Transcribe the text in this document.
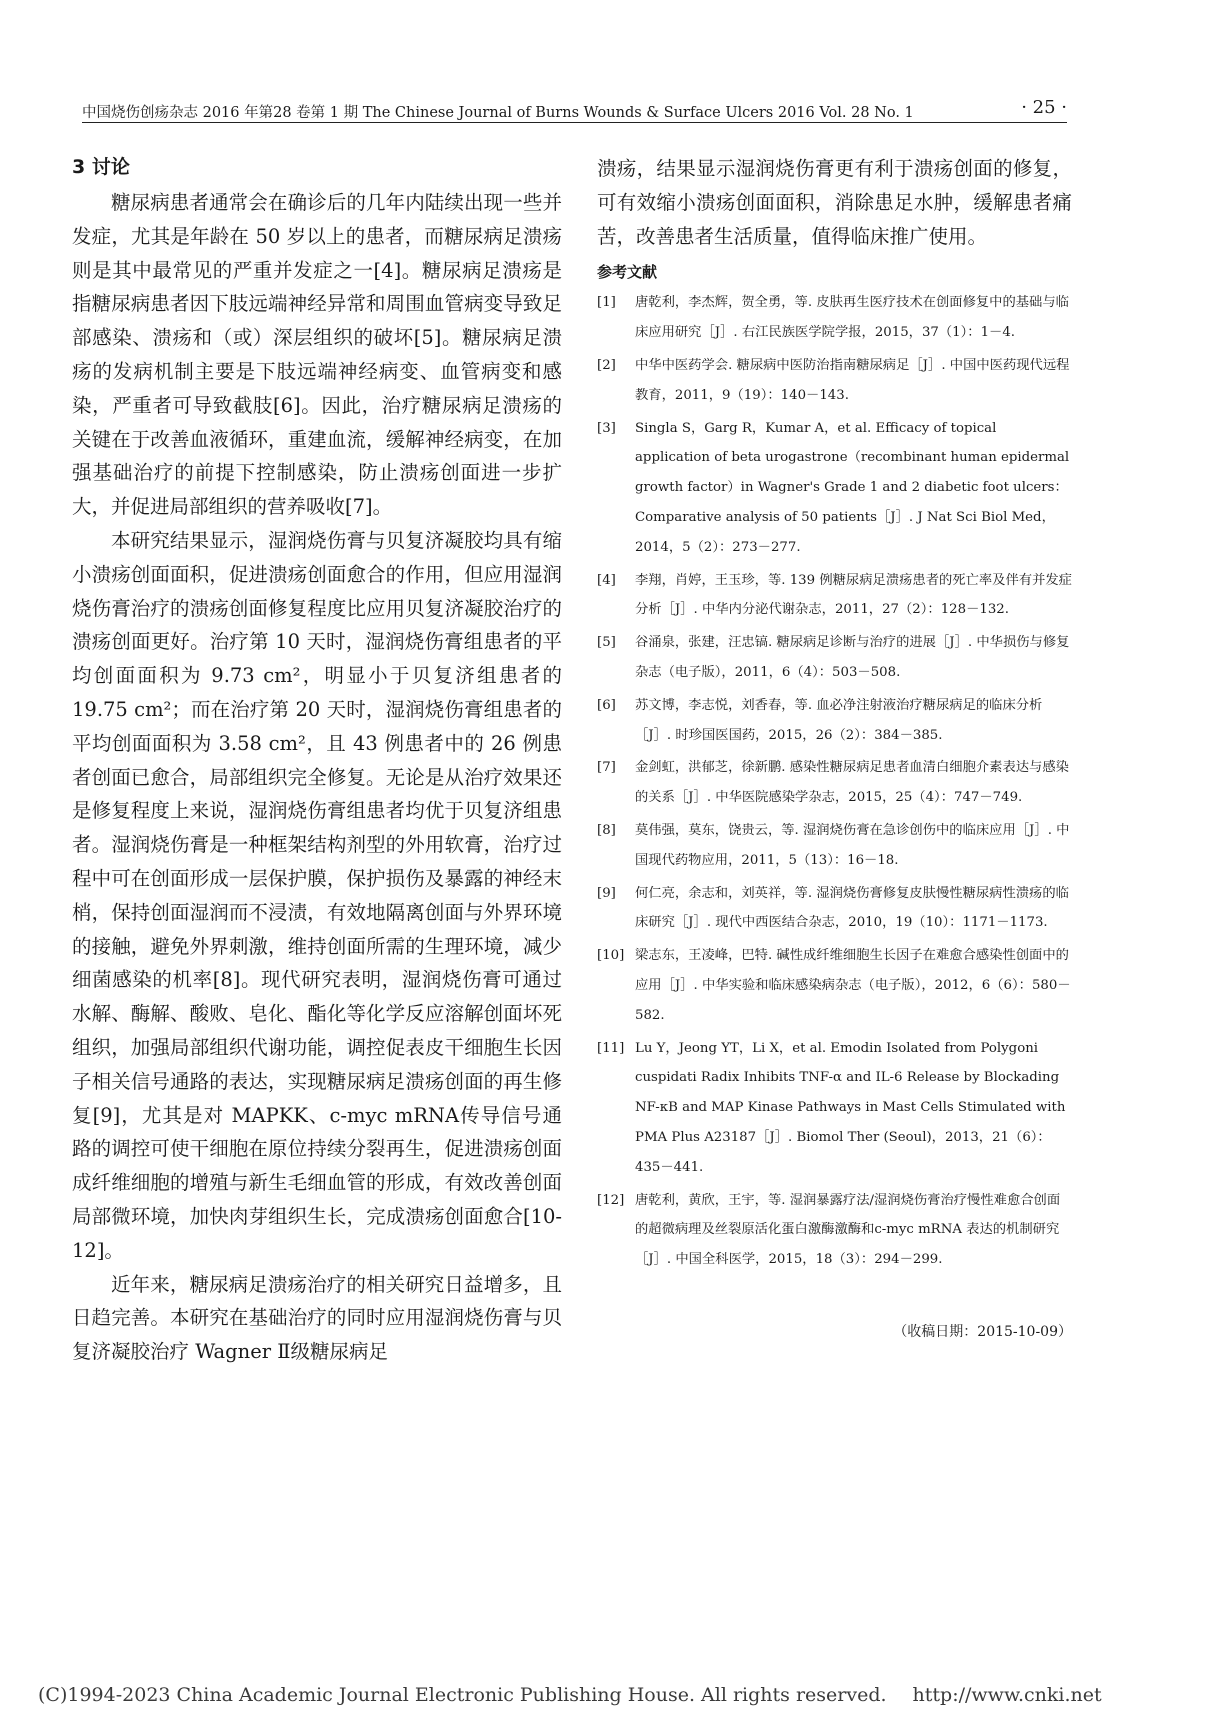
中国烧伤创疡杂志 2016 年第28 卷第 1 期 The Chinese Journal of Burns Wounds & Surface Ulcers 2016 Vol. 28 No. 1	· 25 ·
3 讨论

糖尿病患者通常会在确诊后的几年内陆续出现一些并发症，尤其是年龄在 50 岁以上的患者，而糖尿病足溃疡则是其中最常见的严重并发症之一[4]。糖尿病足溃疡是指糖尿病患者因下肢远端神经异常和周围血管病变导致足部感染、溃疡和（或）深层组织的破坏[5]。糖尿病足溃疡的发病机制主要是下肢远端神经病变、血管病变和感染，严重者可导致截肢[6]。因此，治疗糖尿病足溃疡的关键在于改善血液循环，重建血流，缓解神经病变，在加强基础治疗的前提下控制感染，防止溃疡创面进一步扩大，并促进局部组织的营养吸收[7]。

本研究结果显示，湿润烧伤膏与贝复济凝胶均具有缩小溃疡创面面积，促进溃疡创面愈合的作用，但应用湿润烧伤膏治疗的溃疡创面修复程度比应用贝复济凝胶治疗的溃疡创面更好。治疗第 10 天时，湿润烧伤膏组患者的平均创面面积为 9.73 cm²，明显小于贝复济组患者的 19.75 cm²；而在治疗第 20 天时，湿润烧伤膏组患者的平均创面面积为 3.58 cm²，且 43 例患者中的 26 例患者创面已愈合，局部组织完全修复。无论是从治疗效果还是修复程度上来说，湿润烧伤膏组患者均优于贝复济组患者。湿润烧伤膏是一种框架结构剂型的外用软膏，治疗过程中可在创面形成一层保护膜，保护损伤及暴露的神经末梢，保持创面湿润而不浸渍，有效地隔离创面与外界环境的接触，避免外界刺激，维持创面所需的生理环境，减少细菌感染的机率[8]。现代研究表明，湿润烧伤膏可通过水解、酶解、酸败、皂化、酯化等化学反应溶解创面坏死组织，加强局部组织代谢功能，调控促表皮干细胞生长因子相关信号通路的表达，实现糖尿病足溃疡创面的再生修复[9]，尤其是对 MAPKK、c-myc mRNA传导信号通路的调控可使干细胞在原位持续分裂再生，促进溃疡创面成纤维细胞的增殖与新生毛细血管的形成，有效改善创面局部微环境，加快肉芽组织生长，完成溃疡创面愈合[10-12]。

近年来，糖尿病足溃疡治疗的相关研究日益增多，且日趋完善。本研究在基础治疗的同时应用湿润烧伤膏与贝复济凝胶治疗 Wagner Ⅱ级糖尿病足

溃疡，结果显示湿润烧伤膏更有利于溃疡创面的修复，可有效缩小溃疡创面面积，消除患足水肿，缓解患者痛苦，改善患者生活质量，值得临床推广使用。

参考文献
[1]	唐乾利，李杰辉，贺全勇，等. 皮肤再生医疗技术在创面修复中的基础与临床应用研究［J］. 右江民族医学院学报，2015，37（1）：1－4.
[2]	中华中医药学会. 糖尿病中医防治指南糖尿病足［J］. 中国中医药现代远程教育，2011，9（19）：140－143.
[3]	Singla S，Garg R，Kumar A，et al. Efficacy of topical application of beta urogastrone（recombinant human epidermal growth factor）in Wagner's Grade 1 and 2 diabetic foot ulcers：Comparative analysis of 50 patients［J］. J Nat Sci Biol Med，2014，5（2）：273－277.
[4]	李翔，肖婷，王玉珍，等. 139 例糖尿病足溃疡患者的死亡率及伴有并发症分析［J］. 中华内分泌代谢杂志，2011，27（2）：128－132.
[5]	谷涌泉，张建，汪忠镐. 糖尿病足诊断与治疗的进展［J］. 中华损伤与修复杂志（电子版），2011，6（4）：503－508.
[6]	苏文博，李志悦，刘香春，等. 血必净注射液治疗糖尿病足的临床分析［J］. 时珍国医国药，2015，26（2）：384－385.
[7]	金剑虹，洪郁芝，徐新鹏. 感染性糖尿病足患者血清白细胞介素表达与感染的关系［J］. 中华医院感染学杂志，2015，25（4）：747－749.
[8]	莫伟强，莫东，饶贵云，等. 湿润烧伤膏在急诊创伤中的临床应用［J］. 中国现代药物应用，2011，5（13）：16－18.
[9]	何仁亮，余志和，刘英祥，等. 湿润烧伤膏修复皮肤慢性糖尿病性溃疡的临床研究［J］. 现代中西医结合杂志，2010，19（10）：1171－1173.
[10] 梁志东，王凌峰，巴特. 碱性成纤维细胞生长因子在难愈合感染性创面中的应用［J］. 中华实验和临床感染病杂志（电子版），2012，6（6）：580－582.
[11] Lu Y，Jeong YT，Li X，et al. Emodin Isolated from Polygoni cuspidati Radix Inhibits TNF-α and IL-6 Release by Blockading NF-κB and MAP Kinase Pathways in Mast Cells Stimulated with PMA Plus A23187［J］. Biomol Ther (Seoul)，2013，21（6）：435－441.
[12] 唐乾利，黄欣，王宇，等. 湿润暴露疗法/湿润烧伤膏治疗慢性难愈合创面的超微病理及丝裂原活化蛋白激酶激酶和c-myc mRNA 表达的机制研究［J］. 中国全科医学，2015，18（3）：294－299.
（收稿日期：2015-10-09）
(C)1994-2023 China Academic Journal Electronic Publishing House. All rights reserved. http://www.cnki.net
